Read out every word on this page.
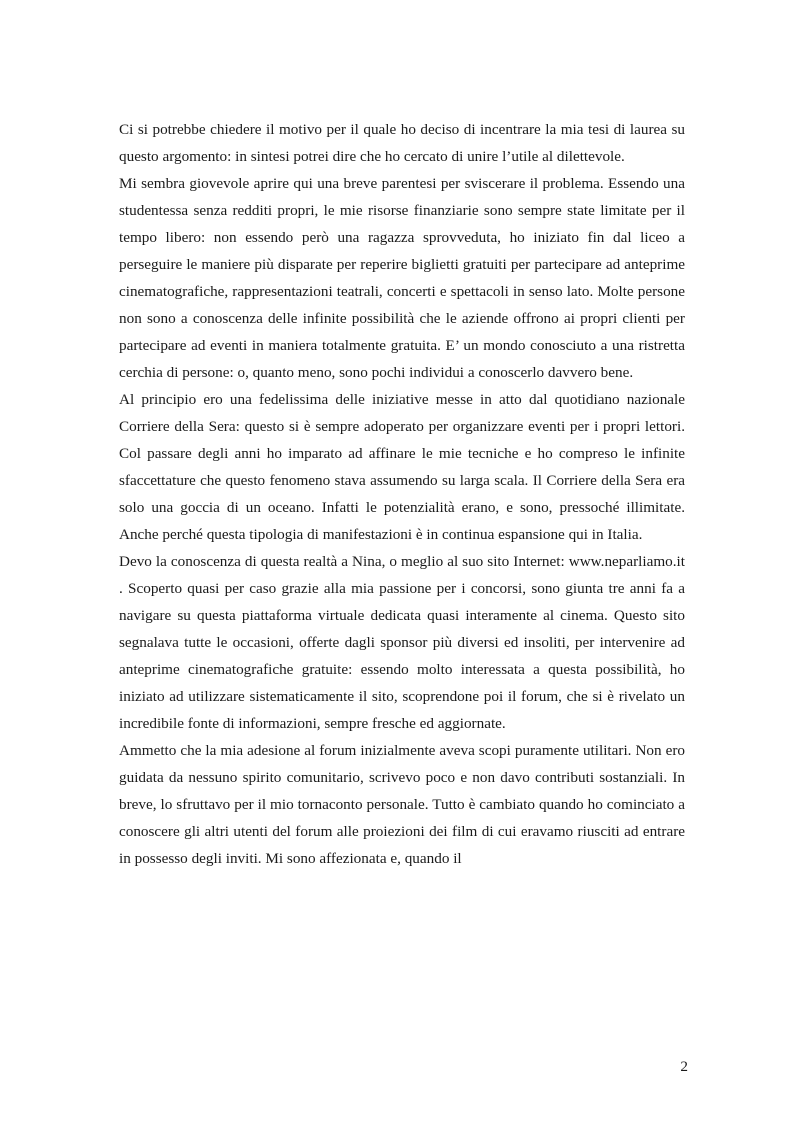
Ci si potrebbe chiedere il motivo per il quale ho deciso di incentrare la mia tesi di laurea su questo argomento: in sintesi potrei dire che ho cercato di unire l’utile al dilettevole.

Mi sembra giovevole aprire qui una breve parentesi per sviscerare il problema. Essendo una studentessa senza redditi propri, le mie risorse finanziarie sono sempre state limitate per il tempo libero: non essendo però una ragazza sprovveduta, ho iniziato fin dal liceo a perseguire le maniere più disparate per reperire biglietti gratuiti per partecipare ad anteprime cinematografiche, rappresentazioni teatrali, concerti e spettacoli in senso lato. Molte persone non sono a conoscenza delle infinite possibilità che le aziende offrono ai propri clienti per partecipare ad eventi in maniera totalmente gratuita. E’ un mondo conosciuto a una ristretta cerchia di persone: o, quanto meno, sono pochi individui a conoscerlo davvero bene.

Al principio ero una fedelissima delle iniziative messe in atto dal quotidiano nazionale Corriere della Sera: questo si è sempre adoperato per organizzare eventi per i propri lettori. Col passare degli anni ho imparato ad affinare le mie tecniche e ho compreso le infinite sfaccettature che questo fenomeno stava assumendo su larga scala. Il Corriere della Sera era solo una goccia di un oceano. Infatti le potenzialità erano, e sono, pressoché illimitate. Anche perché questa tipologia di manifestazioni è in continua espansione qui in Italia.

Devo la conoscenza di questa realtà a Nina, o meglio al suo sito Internet: www.neparliamo.it . Scoperto quasi per caso grazie alla mia passione per i concorsi, sono giunta tre anni fa a navigare su questa piattaforma virtuale dedicata quasi interamente al cinema. Questo sito segnalava tutte le occasioni, offerte dagli sponsor più diversi ed insoliti, per intervenire ad anteprime cinematografiche gratuite: essendo molto interessata a questa possibilità, ho iniziato ad utilizzare sistematicamente il sito, scoprendone poi il forum, che si è rivelato un incredibile fonte di informazioni, sempre fresche ed aggiornate.

Ammetto che la mia adesione al forum inizialmente aveva scopi puramente utilitari. Non ero guidata da nessuno spirito comunitario, scrivevo poco e non davo contributi sostanziali. In breve, lo sfruttavo per il mio tornaconto personale. Tutto è cambiato quando ho cominciato a conoscere gli altri utenti del forum alle proiezioni dei film di cui eravamo riusciti ad entrare in possesso degli inviti. Mi sono affezionata e, quando il

2
